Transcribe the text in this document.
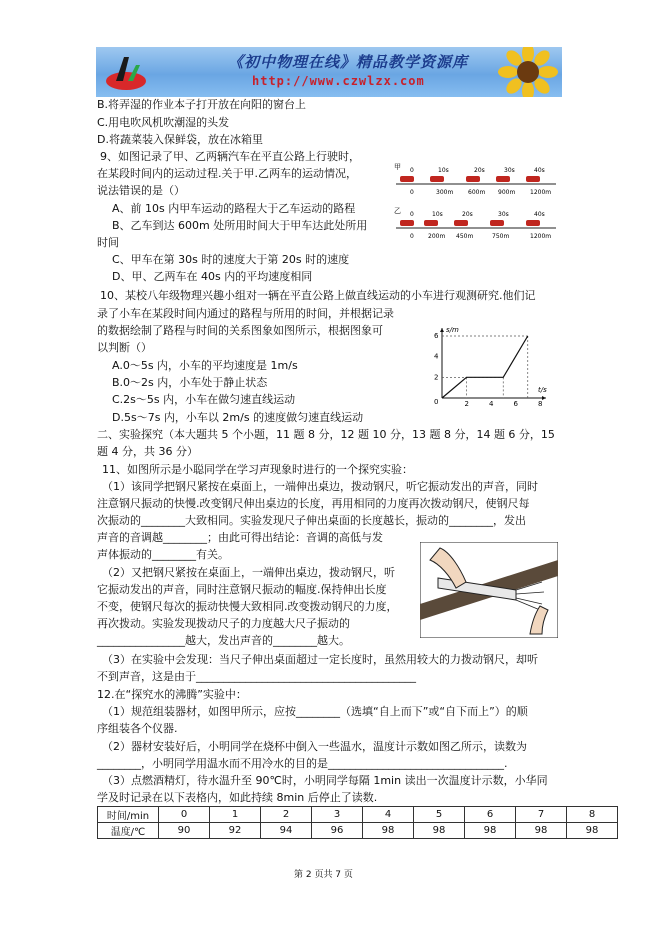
《初中物理在线》精品教学资源库
http://www.czwlzx.com
B.将弄湿的作业本子打开放在向阳的窗台上
C.用电吹风机吹潮湿的头发
D.将蔬菜装入保鲜袋，放在冰箱里
9、如图记录了甲、乙两辆汽车在平直公路上行驶时，
在某段时间内的运动过程.关于甲.乙两车的运动情况，
说法错误的是（）
A、前 10s 内甲车运动的路程大于乙车运动的路程
B、乙车到达 600m 处所用时间大于甲车达此处所用
时间
C、甲车在第 30s 时的速度大于第 20s 时的速度
D、甲、乙两车在 40s 内的平均速度相同
10、某校八年级物理兴趣小组对一辆在平直公路上做直线运动的小车进行观测研究.他们记
录了小车在某段时间内通过的路程与所用的时间，并根据记录
的数据绘制了路程与时间的关系图象如图所示，根据图象可
以判断（）
A.0～5s 内，小车的平均速度是 1m/s
B.0～2s 内，小车处于静止状态
C.2s～5s 内，小车在做匀速直线运动
D.5s～7s 内，小车以 2m/s 的速度做匀速直线运动
二、实验探究（本大题共 5 个小题，11 题 8 分，12 题 10 分，13 题 8 分，14 题 6 分，15
题 4 分，共 36 分）
11、如图所示是小聪同学在学习声现象时进行的一个探究实验：
（1）该同学把钢尺紧按在桌面上，一端伸出桌边，拨动钢尺，听它振动发出的声音，同时
注意钢尺振动的快慢.改变钢尺伸出桌边的长度，再用相同的力度再次拨动钢尺，使钢尺每
次振动的________大致相同。实验发现尺子伸出桌面的长度越长，振动的________，发出
声音的音调越________；由此可得出结论：音调的高低与发
声体振动的________有关。
（2）又把钢尺紧按在桌面上，一端伸出桌边，拨动钢尺，听
它振动发出的声音，同时注意钢尺振动的幅度.保持伸出长度
不变，使钢尺每次的振动快慢大致相同.改变拨动钢尺的力度，
再次拨动。实验发现拨动尺子的力度越大尺子振动的
________________越大，发出声音的________越大。
（3）在实验中会发现：当尺子伸出桌面超过一定长度时，虽然用较大的力拨动钢尺，却听
不到声音，这是由于________________________________________
12.在“探究水的沸腾”实验中：
（1）规范组装器材，如图甲所示，应按________（选填“自上而下”或“自下而上”）的顺
序组装各个仪器.
（2）器材安装好后，小明同学在烧杯中倒入一些温水，温度计示数如图乙所示，读数为
________，小明同学用温水而不用冷水的目的是________________________________.
（3）点燃酒精灯，待水温升至 90℃时，小明同学每隔 1min 读出一次温度计示数，小华同
学及时记录在以下表格内，如此持续 8min 后停止了读数.
甲 0	10s	20s	30s	40s
0	300m 600m 900m 1200m
乙 0	10s	20s	30s	40s
0 200m 450m	750m	1200m
s/m
t/s
0	2	4	6	8
2
4
6
时间/min	0	1	2	3	4	5	6	7	8
温度/℃	90	92	94	96	98	98	98	98	98
第 2 页共 7 页
